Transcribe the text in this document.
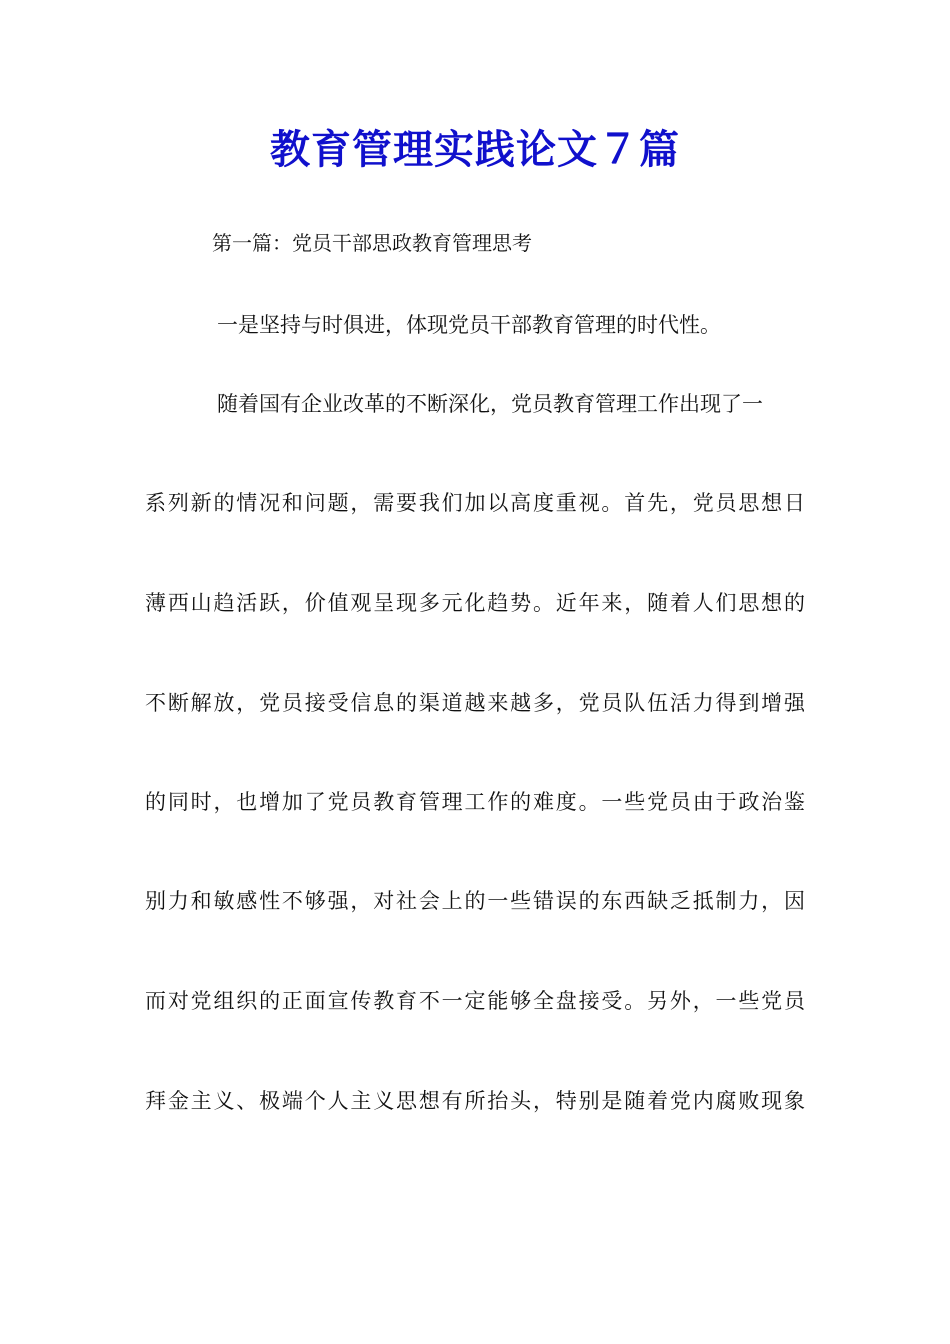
教育管理实践论文７篇

第一篇：党员干部思政教育管理思考

一是坚持与时俱进，体现党员干部教育管理的时代性。

随着国有企业改革的不断深化，党员教育管理工作出现了一

系列新的情况和问题，需要我们加以高度重视。首先，党员思想日

薄西山趋活跃，价值观呈现多元化趋势。近年来，随着人们思想的

不断解放，党员接受信息的渠道越来越多，党员队伍活力得到增强

的同时，也增加了党员教育管理工作的难度。一些党员由于政治鉴

别力和敏感性不够强，对社会上的一些错误的东西缺乏抵制力，因

而对党组织的正面宣传教育不一定能够全盘接受。另外，一些党员

拜金主义、极端个人主义思想有所抬头，特别是随着党内腐败现象
